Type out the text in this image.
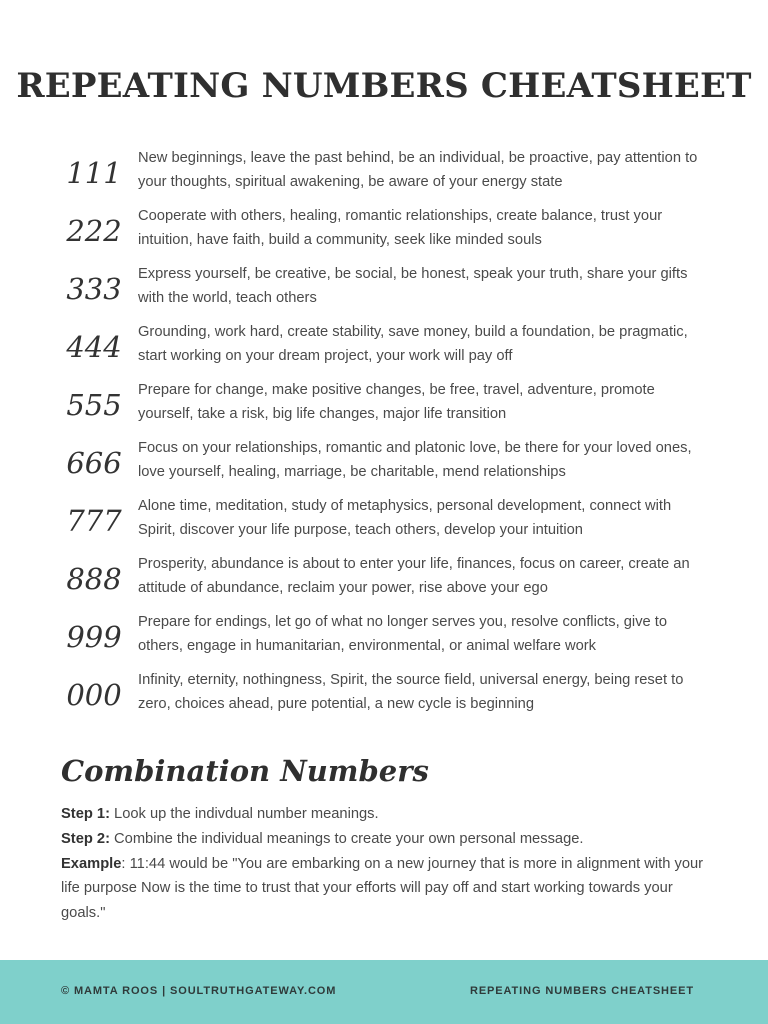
REPEATING NUMBERS CHEATSHEET
111	New beginnings, leave the past behind, be an individual, be proactive, pay attention to your thoughts, spiritual awakening, be aware of your energy state
222	Cooperate with others, healing, romantic relationships, create balance, trust your intuition, have faith, build a community, seek like minded souls
333	Express yourself, be creative, be social, be honest, speak your truth, share your gifts with the world, teach others
444	Grounding, work hard, create stability, save money, build a foundation, be pragmatic, start working on your dream project, your work will pay off
555	Prepare for change, make positive changes, be free, travel, adventure, promote yourself, take a risk, big life changes, major life transition
666	Focus on your relationships, romantic and platonic love, be there for your loved ones, love yourself, healing, marriage, be charitable, mend relationships
777	Alone time, meditation, study of metaphysics, personal development, connect with Spirit, discover your life purpose, teach others, develop your intuition
888	Prosperity, abundance is about to enter your life, finances, focus on career, create an attitude of abundance, reclaim your power, rise above your ego
999	Prepare for endings, let go of what no longer serves you, resolve conflicts, give to others, engage in humanitarian, environmental, or animal welfare work
000	Infinity, eternity, nothingness, Spirit, the source field, universal energy, being reset to zero, choices ahead, pure potential, a new cycle is beginning
Combination Numbers
Step 1: Look up the indivdual number meanings.
Step 2: Combine the individual meanings to create your own personal message.
Example: 11:44 would be "You are embarking on a new journey that is more in alignment with your life purpose Now is the time to trust that your efforts will pay off and start working towards your goals."
© MAMTA ROOS | SOULTRUTHGATEWAY.COM	REPEATING NUMBERS CHEATSHEET
